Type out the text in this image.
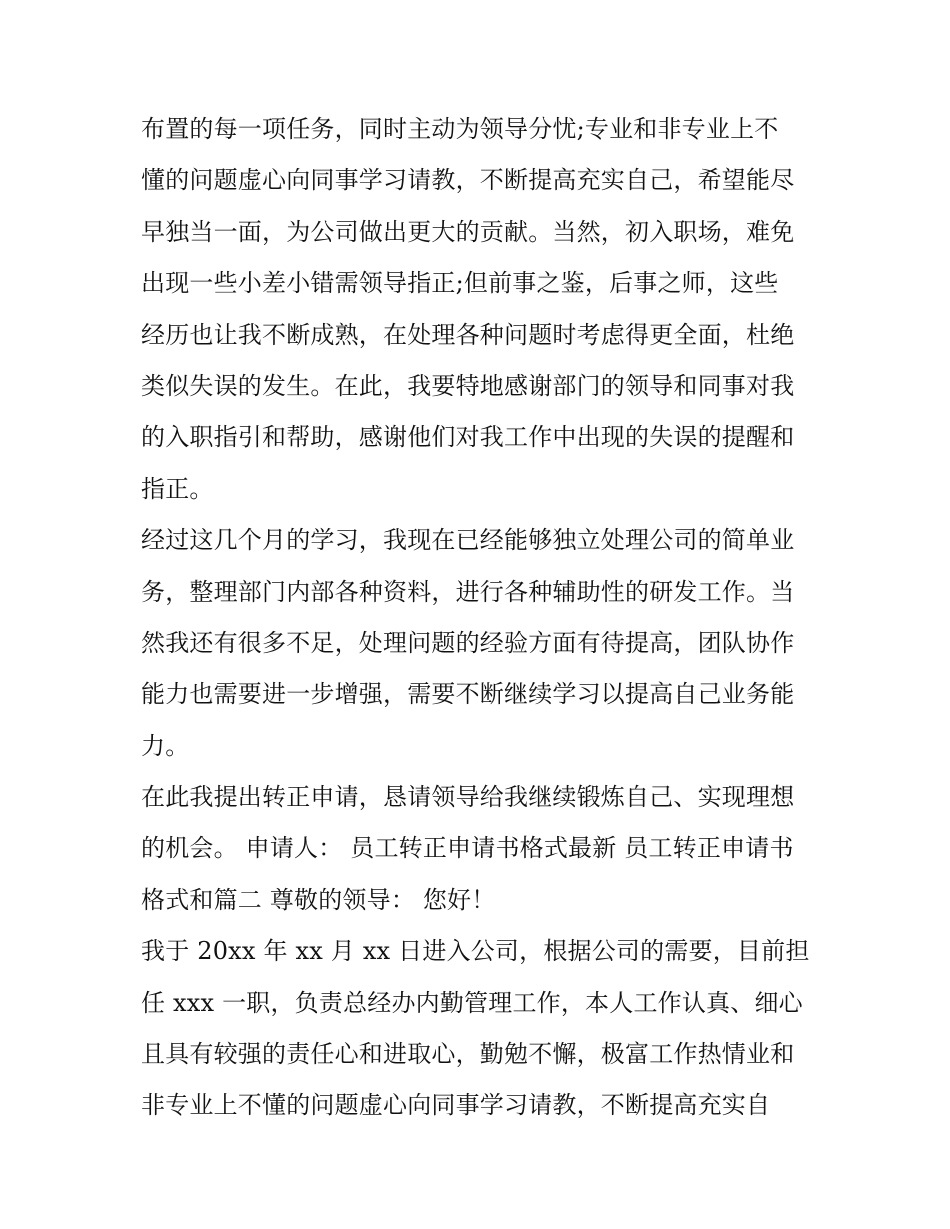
布置的每一项任务，同时主动为领导分忧;专业和非专业上不
懂的问题虚心向同事学习请教，不断提高充实自己，希望能尽
早独当一面，为公司做出更大的贡献。当然，初入职场，难免
出现一些小差小错需领导指正;但前事之鉴，后事之师，这些
经历也让我不断成熟，在处理各种问题时考虑得更全面，杜绝
类似失误的发生。在此，我要特地感谢部门的领导和同事对我
的入职指引和帮助，感谢他们对我工作中出现的失误的提醒和
指正。
经过这几个月的学习，我现在已经能够独立处理公司的简单业
务，整理部门内部各种资料，进行各种辅助性的研发工作。当
然我还有很多不足，处理问题的经验方面有待提高，团队协作
能力也需要进一步增强，需要不断继续学习以提高自己业务能
力。
在此我提出转正申请，恳请领导给我继续锻炼自己、实现理想
的机会。 申请人： 员工转正申请书格式最新 员工转正申请书
格式和篇二 尊敬的领导： 您好！
我于 20xx 年 xx 月 xx 日进入公司，根据公司的需要，目前担
任 xxx 一职，负责总经办内勤管理工作，本人工作认真、细心
且具有较强的责任心和进取心，勤勉不懈，极富工作热情业和
非专业上不懂的问题虚心向同事学习请教，不断提高充实自
